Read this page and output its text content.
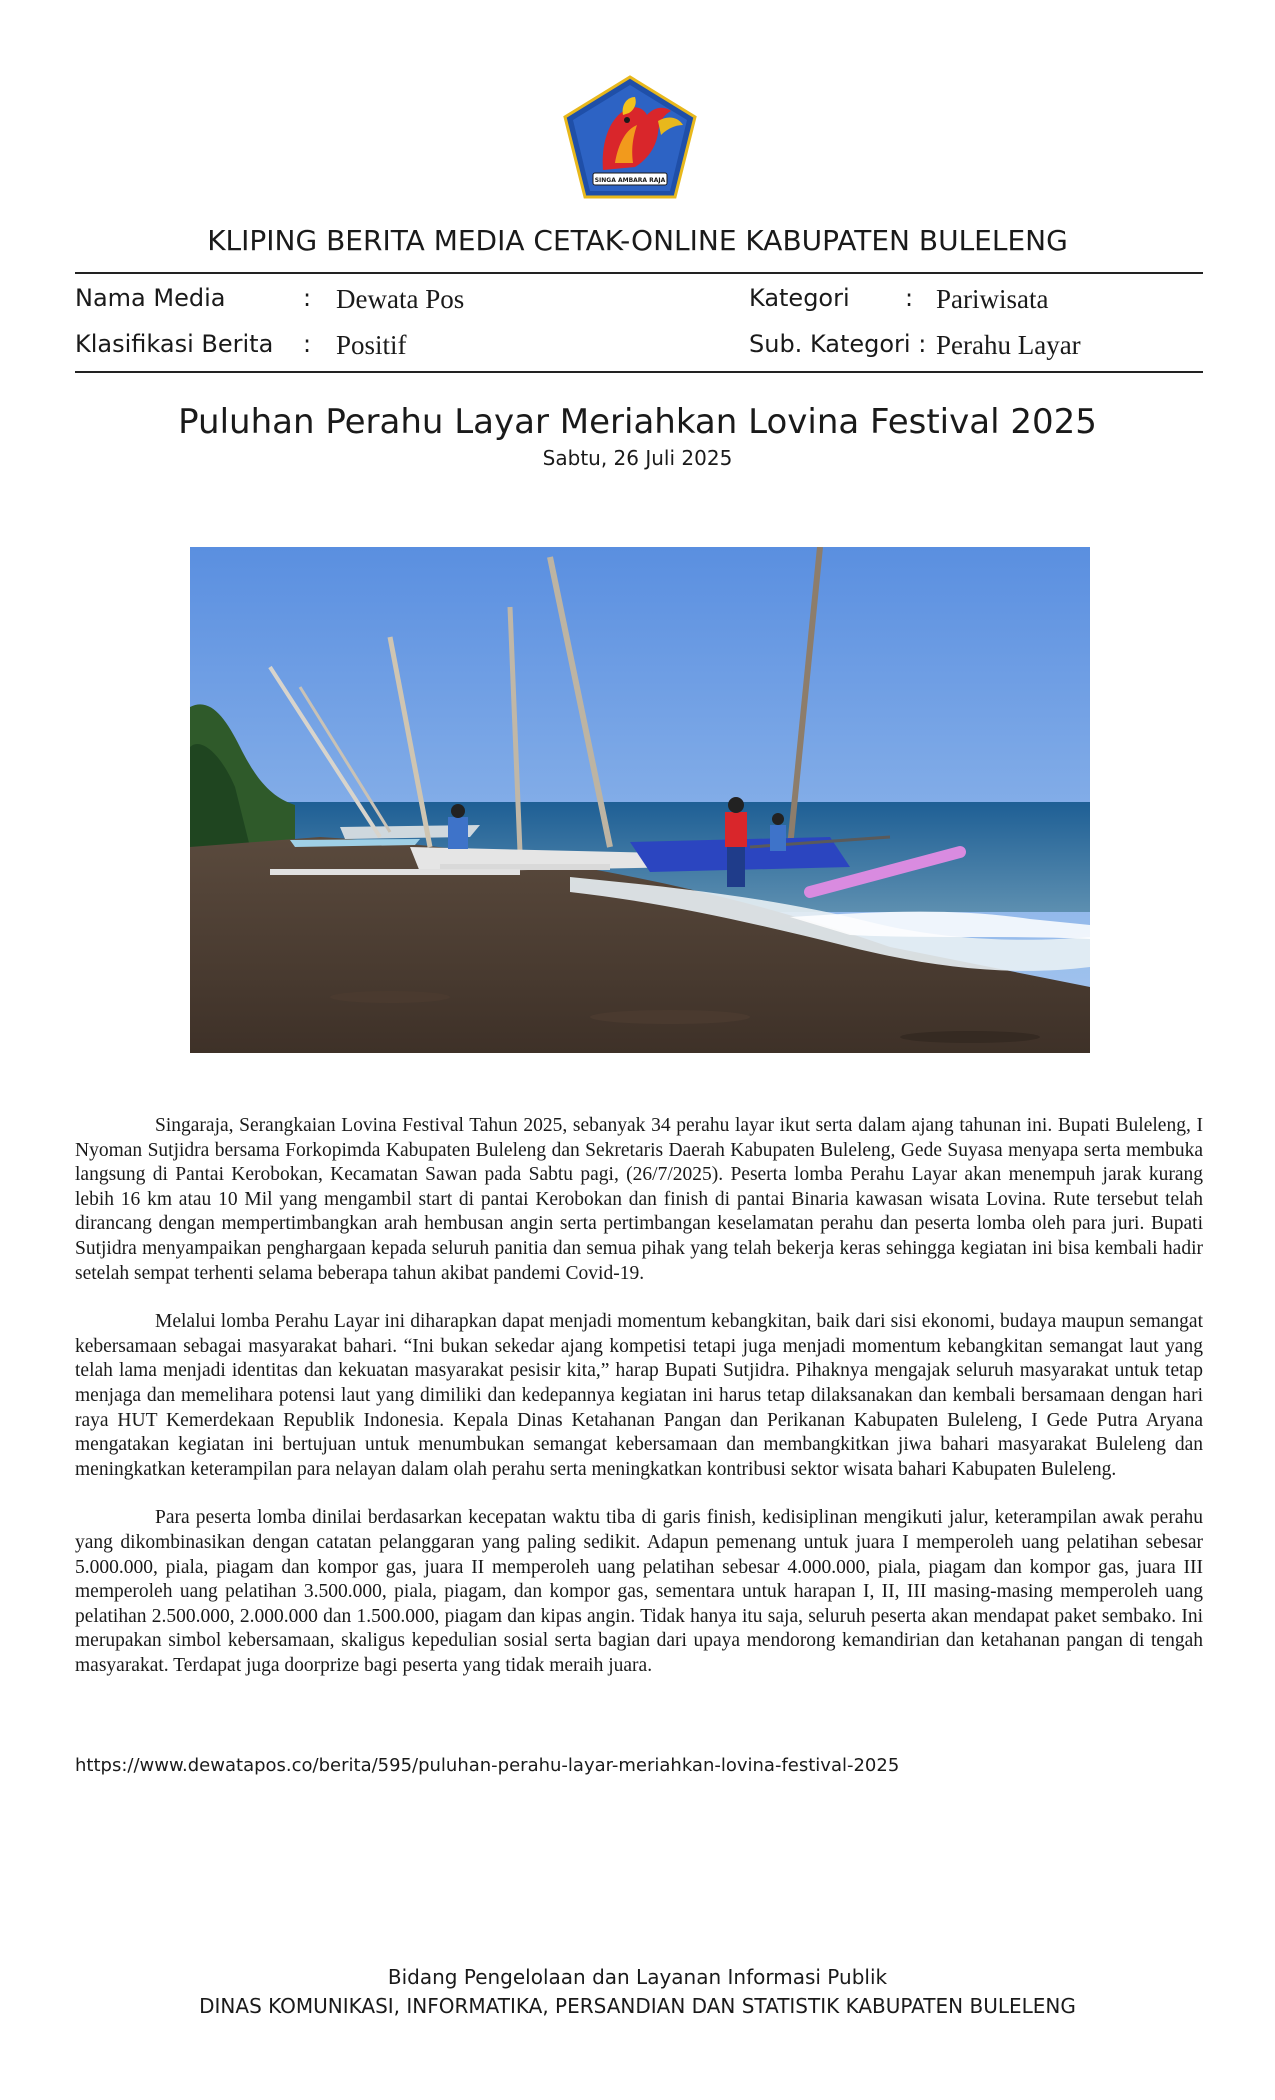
SINGA AMBARA RAJA
KLIPING BERITA MEDIA CETAK-ONLINE KABUPATEN BULELENG
Nama Media	: Dewata Pos
Klasifikasi Berita : Positif
Kategori : Pariwisata
Sub. Kategori : Perahu Layar
Puluhan Perahu Layar Meriahkan Lovina Festival 2025
Sabtu, 26 Juli 2025

Singaraja, Serangkaian Lovina Festival Tahun 2025, sebanyak 34 perahu layar ikut serta dalam ajang tahunan ini. Bupati Buleleng, I Nyoman Sutjidra bersama Forkopimda Kabupaten Buleleng dan Sekretaris Daerah Kabupaten Buleleng, Gede Suyasa menyapa serta membuka langsung di Pantai Kerobokan, Kecamatan Sawan pada Sabtu pagi, (26/7/2025). Peserta lomba Perahu Layar akan menempuh jarak kurang lebih 16 km atau 10 Mil yang mengambil start di pantai Kerobokan dan finish di pantai Binaria kawasan wisata Lovina. Rute tersebut telah dirancang dengan mempertimbangkan arah hembusan angin serta pertimbangan keselamatan perahu dan peserta lomba oleh para juri. Bupati Sutjidra menyampaikan penghargaan kepada seluruh panitia dan semua pihak yang telah bekerja keras sehingga kegiatan ini bisa kembali hadir setelah sempat terhenti selama beberapa tahun akibat pandemi Covid-19.

Melalui lomba Perahu Layar ini diharapkan dapat menjadi momentum kebangkitan, baik dari sisi ekonomi, budaya maupun semangat kebersamaan sebagai masyarakat bahari. “Ini bukan sekedar ajang kompetisi tetapi juga menjadi momentum kebangkitan semangat laut yang telah lama menjadi identitas dan kekuatan masyarakat pesisir kita,” harap Bupati Sutjidra. Pihaknya mengajak seluruh masyarakat untuk tetap menjaga dan memelihara potensi laut yang dimiliki dan kedepannya kegiatan ini harus tetap dilaksanakan dan kembali bersamaan dengan hari raya HUT Kemerdekaan Republik Indonesia. Kepala Dinas Ketahanan Pangan dan Perikanan Kabupaten Buleleng, I Gede Putra Aryana mengatakan kegiatan ini bertujuan untuk menumbukan semangat kebersamaan dan membangkitkan jiwa bahari masyarakat Buleleng dan meningkatkan keterampilan para nelayan dalam olah perahu serta meningkatkan kontribusi sektor wisata bahari Kabupaten Buleleng.

Para peserta lomba dinilai berdasarkan kecepatan waktu tiba di garis finish, kedisiplinan mengikuti jalur, keterampilan awak perahu yang dikombinasikan dengan catatan pelanggaran yang paling sedikit. Adapun pemenang untuk juara I memperoleh uang pelatihan sebesar 5.000.000, piala, piagam dan kompor gas, juara II memperoleh uang pelatihan sebesar 4.000.000, piala, piagam dan kompor gas, juara III memperoleh uang pelatihan 3.500.000, piala, piagam, dan kompor gas, sementara untuk harapan I, II, III masing-masing memperoleh uang pelatihan 2.500.000, 2.000.000 dan 1.500.000, piagam dan kipas angin. Tidak hanya itu saja, seluruh peserta akan mendapat paket sembako. Ini merupakan simbol kebersamaan, skaligus kepedulian sosial serta bagian dari upaya mendorong kemandirian dan ketahanan pangan di tengah masyarakat. Terdapat juga doorprize bagi peserta yang tidak meraih juara.

https://www.dewatapos.co/berita/595/puluhan-perahu-layar-meriahkan-lovina-festival-2025
Bidang Pengelolaan dan Layanan Informasi Publik
DINAS KOMUNIKASI, INFORMATIKA, PERSANDIAN DAN STATISTIK KABUPATEN BULELENG
